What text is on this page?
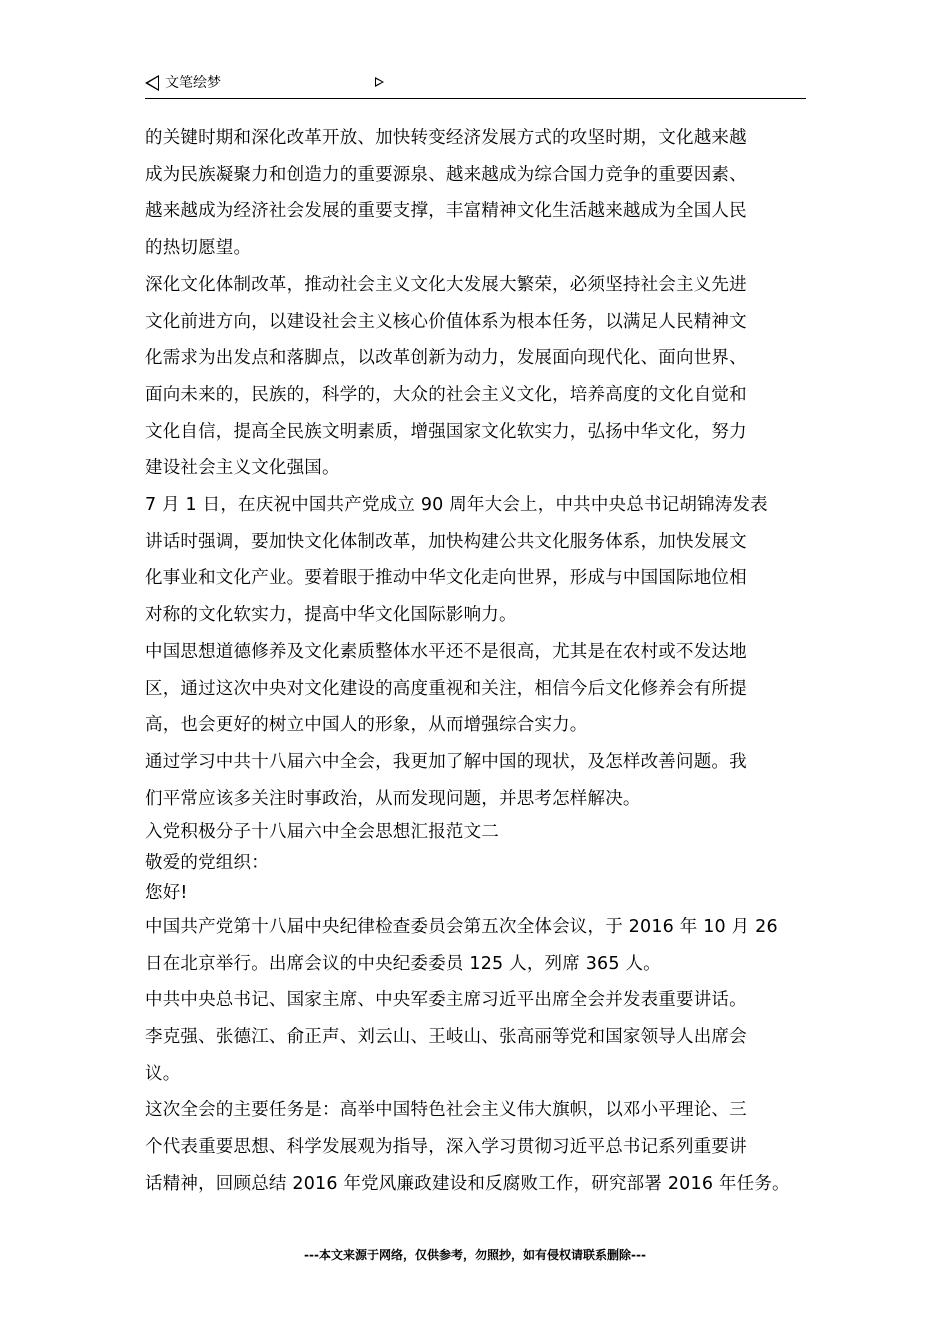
文笔绘梦

的关键时期和深化改革开放、加快转变经济发展方式的攻坚时期，文化越来越
成为民族凝聚力和创造力的重要源泉、越来越成为综合国力竞争的重要因素、
越来越成为经济社会发展的重要支撑，丰富精神文化生活越来越成为全国人民
的热切愿望。

深化文化体制改革，推动社会主义文化大发展大繁荣，必须坚持社会主义先进
文化前进方向，以建设社会主义核心价值体系为根本任务，以满足人民精神文
化需求为出发点和落脚点，以改革创新为动力，发展面向现代化、面向世界、
面向未来的，民族的，科学的，大众的社会主义文化，培养高度的文化自觉和
文化自信，提高全民族文明素质，增强国家文化软实力，弘扬中华文化，努力
建设社会主义文化强国。

7 月 1 日，在庆祝中国共产党成立 90 周年大会上，中共中央总书记胡锦涛发表
讲话时强调，要加快文化体制改革，加快构建公共文化服务体系，加快发展文
化事业和文化产业。要着眼于推动中华文化走向世界，形成与中国国际地位相
对称的文化软实力，提高中华文化国际影响力。

中国思想道德修养及文化素质整体水平还不是很高，尤其是在农村或不发达地
区，通过这次中央对文化建设的高度重视和关注，相信今后文化修养会有所提
高，也会更好的树立中国人的形象，从而增强综合实力。

通过学习中共十八届六中全会，我更加了解中国的现状，及怎样改善问题。我
们平常应该多关注时事政治，从而发现问题，并思考怎样解决。

入党积极分子十八届六中全会思想汇报范文二

敬爱的党组织：

您好!

中国共产党第十八届中央纪律检查委员会第五次全体会议，于 2016 年 10 月 26
日在北京举行。出席会议的中央纪委委员 125 人，列席 365 人。

中共中央总书记、国家主席、中央军委主席习近平出席全会并发表重要讲话。
李克强、张德江、俞正声、刘云山、王岐山、张高丽等党和国家领导人出席会
议。

这次全会的主要任务是：高举中国特色社会主义伟大旗帜，以邓小平理论、三
个代表重要思想、科学发展观为指导，深入学习贯彻习近平总书记系列重要讲
话精神，回顾总结 2016 年党风廉政建设和反腐败工作，研究部署 2016 年任务。

---本文来源于网络，仅供参考，勿照抄，如有侵权请联系删除---
